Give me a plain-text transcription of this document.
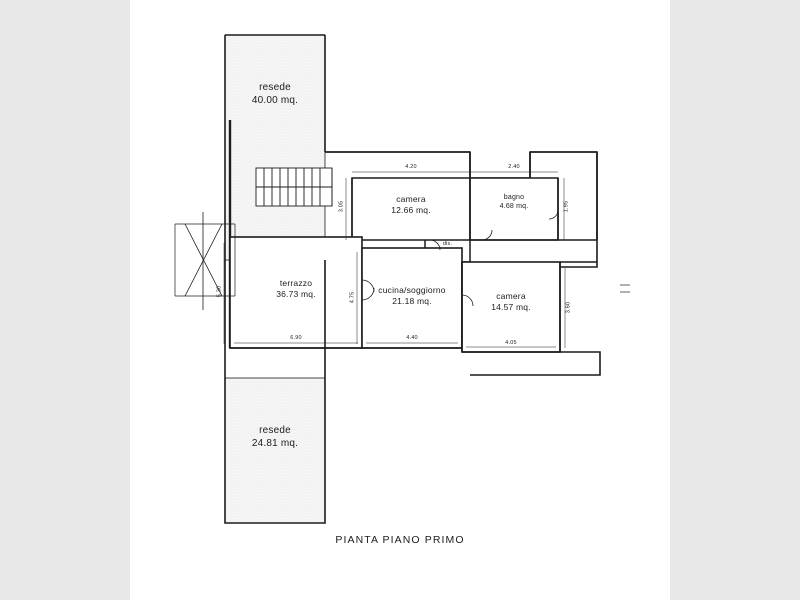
resede
40.00 mq.
camera
12.66 mq.
bagno
4.68 mq.
dis.
terrazzo
36.73 mq.	cucina/soggiorno
21.18 mq.	camera
14.57 mq.
resede
24.81 mq.
4.20	2.40
3.05	1.95
5.30
6.90	4.40
4.75
3.60
4.05
PIANTA PIANO PRIMO
